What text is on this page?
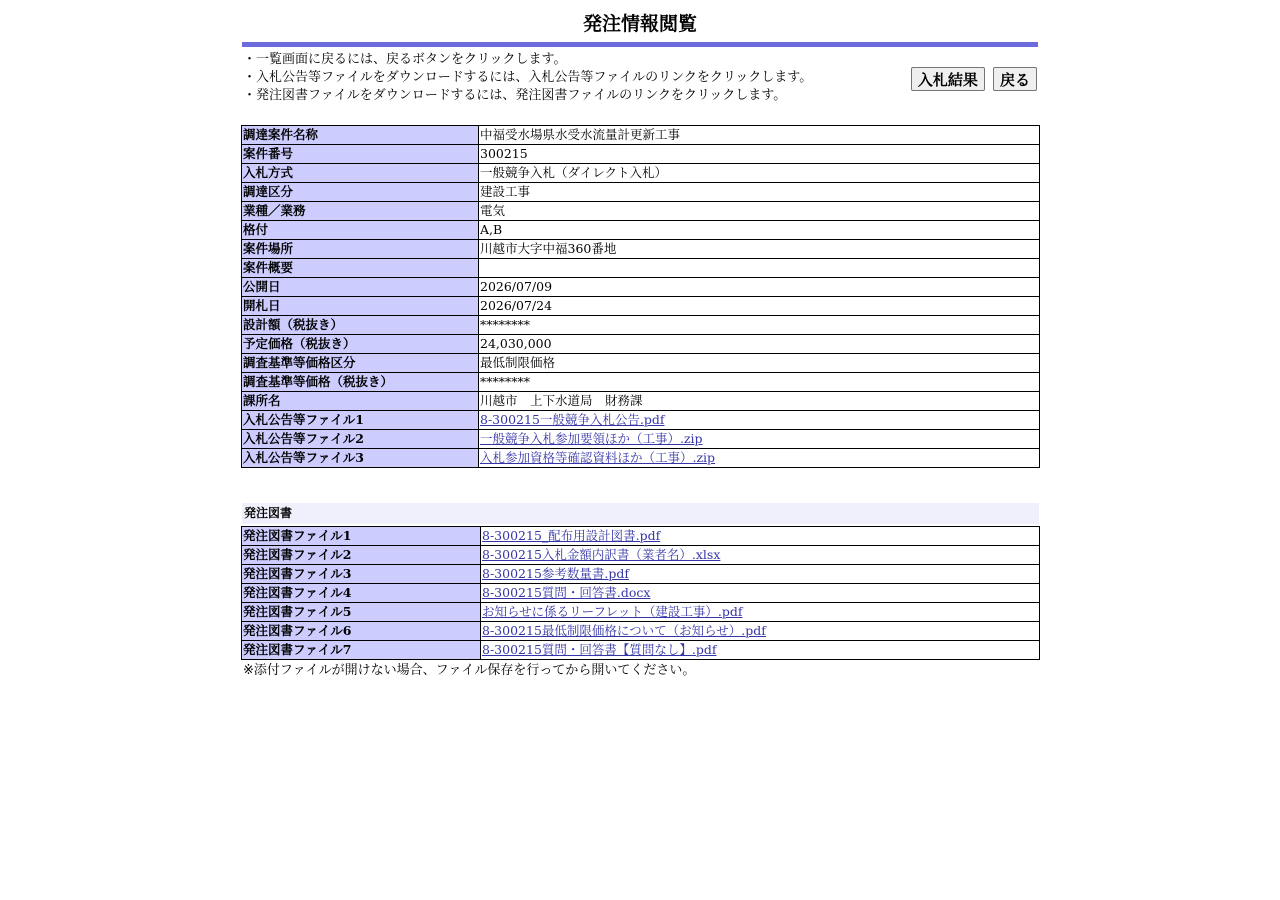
発注情報閲覧
・一覧画面に戻るには、戻るボタンをクリックします。
・入札公告等ファイルをダウンロードするには、入札公告等ファイルのリンクをクリックします。
・発注図書ファイルをダウンロードするには、発注図書ファイルのリンクをクリックします。
入札結果 戻る
調達案件名称	中福受水場県水受水流量計更新工事
案件番号	300215
入札方式	一般競争入札（ダイレクト入札）
調達区分	建設工事
業種／業務	電気
格付	A,B
案件場所	川越市大字中福360番地
案件概要	
公開日	2026/07/09
開札日	2026/07/24
設計額（税抜き）	********
予定価格（税抜き）	24,030,000
調査基準等価格区分	最低制限価格
調査基準等価格（税抜き）	********
課所名	川越市　上下水道局　財務課
入札公告等ファイル1	8-300215一般競争入札公告.pdf
入札公告等ファイル2	一般競争入札参加要領ほか（工事）.zip
入札公告等ファイル3	入札参加資格等確認資料ほか（工事）.zip
発注図書
発注図書ファイル1	8-300215_配布用設計図書.pdf
発注図書ファイル2	8-300215入札金額内訳書（業者名）.xlsx
発注図書ファイル3	8-300215参考数量書.pdf
発注図書ファイル4	8-300215質問・回答書.docx
発注図書ファイル5	お知らせに係るリーフレット（建設工事）.pdf
発注図書ファイル6	8-300215最低制限価格について（お知らせ）.pdf
発注図書ファイル7	8-300215質問・回答書【質問なし】.pdf
※添付ファイルが開けない場合、ファイル保存を行ってから開いてください。
